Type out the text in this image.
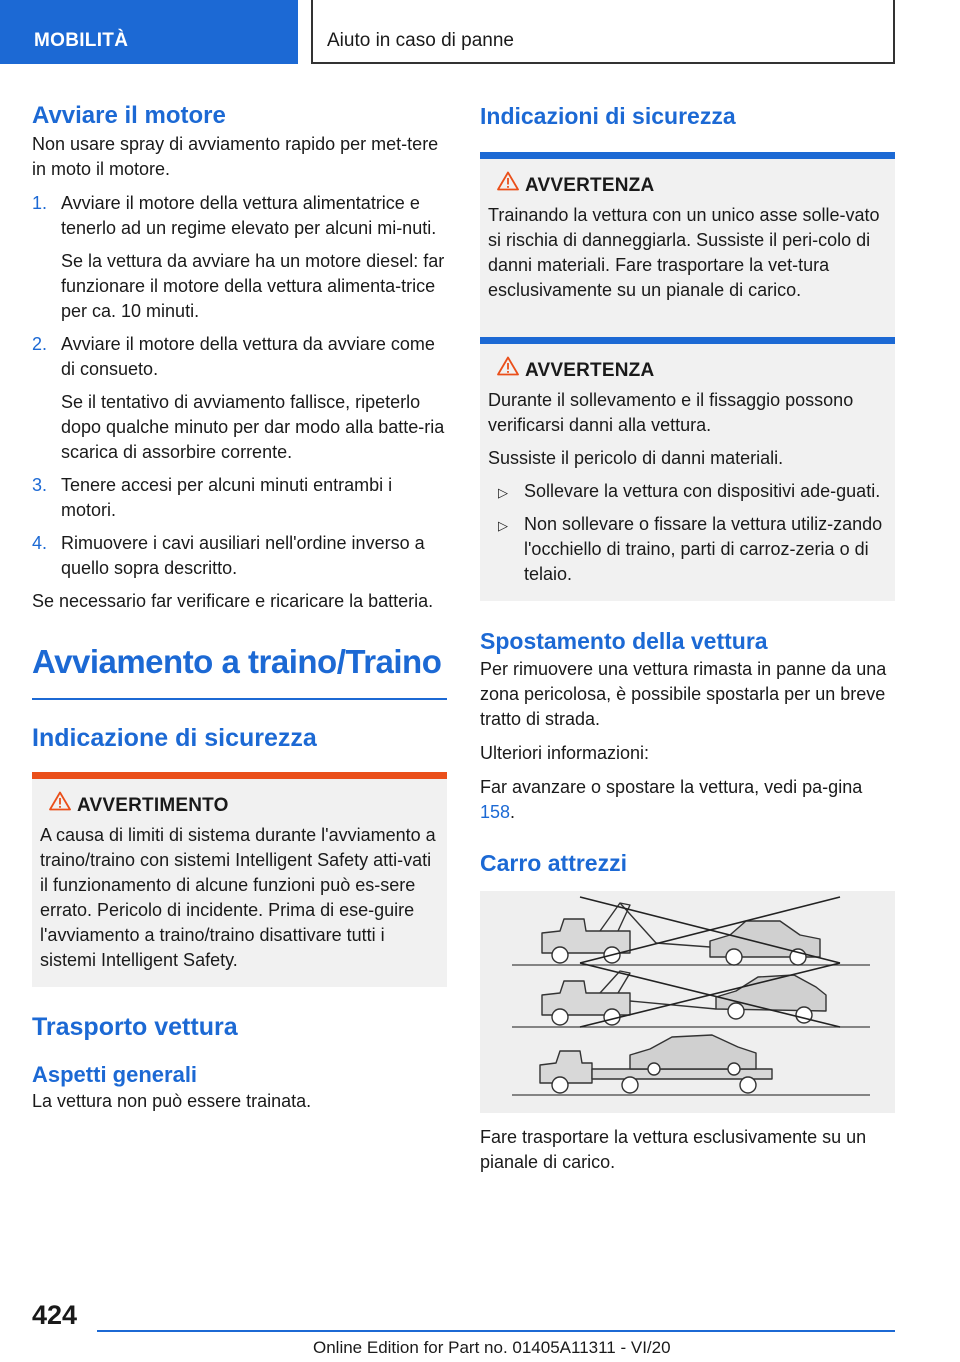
MOBILITÀ	Aiuto in caso di panne
Avviare il motore

Non usare spray di avviamento rapido per met-tere in moto il motore.

1. Avviare il motore della vettura alimentatrice e tenerlo ad un regime elevato per alcuni mi-nuti.

Se la vettura da avviare ha un motore diesel: far funzionare il motore della vettura alimenta-trice per ca. 10 minuti.

2. Avviare il motore della vettura da avviare come di consueto.

Se il tentativo di avviamento fallisce, ripeterlo dopo qualche minuto per dar modo alla batte-ria scarica di assorbire corrente.

3. Tenere accesi per alcuni minuti entrambi i motori.

4. Rimuovere i cavi ausiliari nell'ordine inverso a quello sopra descritto.

Se necessario far verificare e ricaricare la batteria.

Avviamento a traino/Traino
Indicazione di sicurezza
AVVERTIMENTO

A causa di limiti di sistema durante l'avviamento a traino/traino con sistemi Intelligent Safety atti-vati il funzionamento di alcune funzioni può es-sere errato. Pericolo di incidente. Prima di ese-guire l'avviamento a traino/traino disattivare tutti i sistemi Intelligent Safety.

Trasporto vettura
Aspetti generali

La vettura non può essere trainata.

Indicazioni di sicurezza
AVVERTENZA

Trainando la vettura con un unico asse solle-vato si rischia di danneggiarla. Sussiste il peri-colo di danni materiali. Fare trasportare la vet-tura esclusivamente su un pianale di carico.

AVVERTENZA

Durante il sollevamento e il fissaggio possono verificarsi danni alla vettura.

Sussiste il pericolo di danni materiali.

▷ Sollevare la vettura con dispositivi ade-guati.
▷ Non sollevare o fissare la vettura utiliz-zando l'occhiello di traino, parti di carroz-zeria o di telaio.
Spostamento della vettura

Per rimuovere una vettura rimasta in panne da una zona pericolosa, è possibile spostarla per un breve tratto di strada.

Ulteriori informazioni:

Far avanzare o spostare la vettura, vedi pa-gina 158.

Carro attrezzi

Fare trasportare la vettura esclusivamente su un pianale di carico.

424
Online Edition for Part no. 01405A11311 - VI/20
